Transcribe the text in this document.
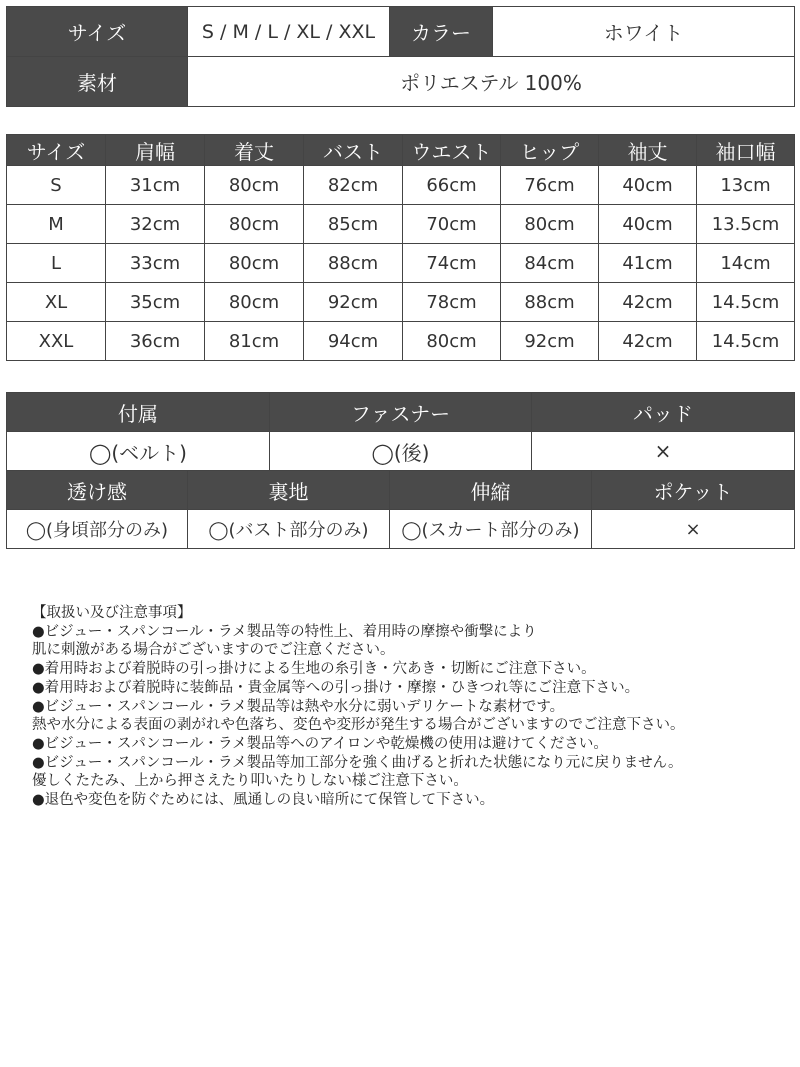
サイズ	S / M / L / XL / XXL	カラー	ホワイト
素材	ポリエステル 100%		
サイズ	肩幅	着丈	バスト	ウエスト	ヒップ	袖丈	袖口幅
S	31cm	80cm	82cm	66cm	76cm	40cm	13cm
M	32cm	80cm	85cm	70cm	80cm	40cm	13.5cm
L	33cm	80cm	88cm	74cm	84cm	41cm	14cm
XL	35cm	80cm	92cm	78cm	88cm	42cm	14.5cm
XXL	36cm	81cm	94cm	80cm	92cm	42cm	14.5cm
付属	ファスナー	パッド
◯(ベルト)	◯(後)	×
透け感	裏地	伸縮	ポケット
◯(身頃部分のみ)	◯(バスト部分のみ)	◯(スカート部分のみ)	×
【取扱い及び注意事項】
●ビジュー・スパンコール・ラメ製品等の特性上、着用時の摩擦や衝撃により
肌に刺激がある場合がございますのでご注意ください。
●着用時および着脱時の引っ掛けによる生地の糸引き・穴あき・切断にご注意下さい。
●着用時および着脱時に装飾品・貴金属等への引っ掛け・摩擦・ひきつれ等にご注意下さい。
●ビジュー・スパンコール・ラメ製品等は熱や水分に弱いデリケートな素材です。
熱や水分による表面の剥がれや色落ち、変色や変形が発生する場合がございますのでご注意下さい。
●ビジュー・スパンコール・ラメ製品等へのアイロンや乾燥機の使用は避けてください。
●ビジュー・スパンコール・ラメ製品等加工部分を強く曲げると折れた状態になり元に戻りません。
優しくたたみ、上から押さえたり叩いたりしない様ご注意下さい。
●退色や変色を防ぐためには、風通しの良い暗所にて保管して下さい。
